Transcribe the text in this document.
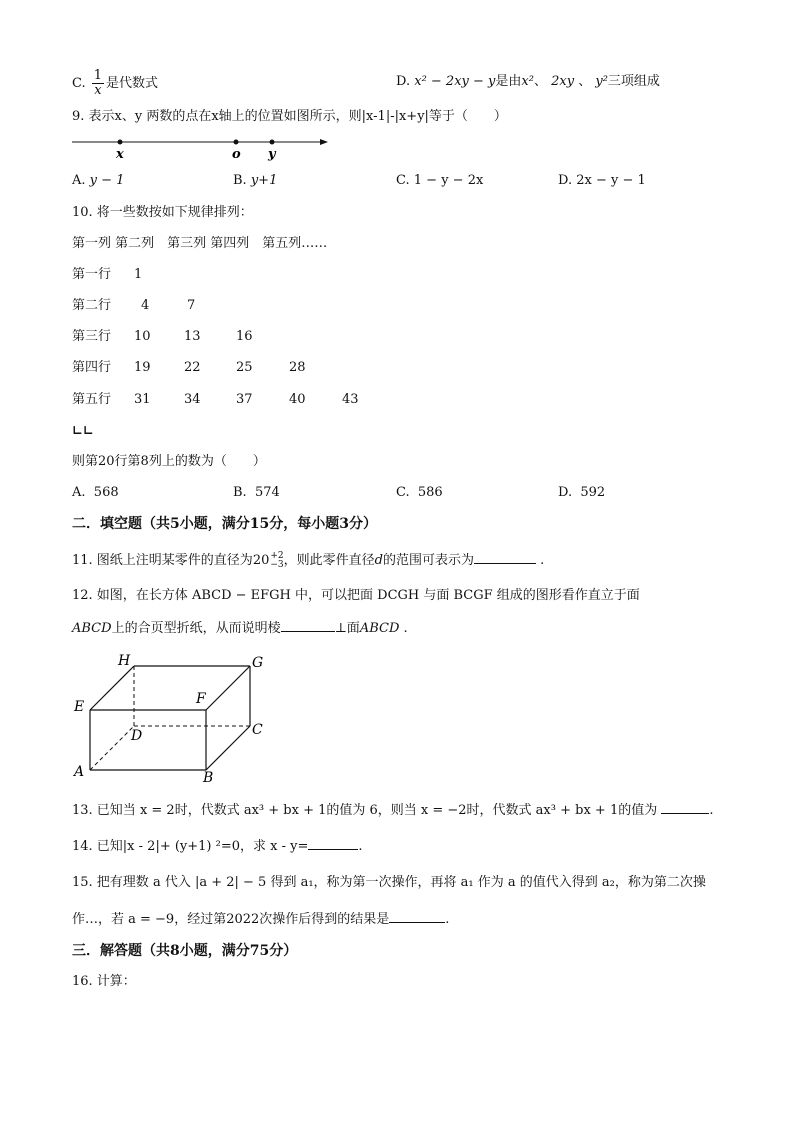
C. $\frac{1}{x}$ 是代数式	D. x² − 2xy − y是由x²、 2xy 、 y²三项组成
9. 表示x、y 两数的点在x轴上的位置如图所示，则|x-1|-|x+y|等于（　　）
x	o y
A. y − 1	B. y+1	C. 1 − y − 2x	D. 2x − y − 1
10. 将一些数按如下规律排列：
第一列 第二列　第三列 第四列　第五列……
第一行 1
第二行 4	7
第三行 10	13	16
第四行 19	22	25	28
第五行 31	34	37	40	43
∟∟
则第20行第8列上的数为（　　）
A. 568	B. 574	C. 586	D. 592
二．填空题（共5小题，满分15分，每小题3分）
11. 图纸上注明某零件的直径为20 +2
−3 ，则此零件直径d的范围可表示为	.
12. 如图，在长方体 ABCD − EFGH 中，可以把面 DCGH 与面 BCGF 组成的图形看作直立于面
ABCD上的合页型折纸，从而说明棱	⊥面ABCD .
H	G
E	F
D	C
A	B
13. 已知当 x = 2时，代数式 ax³ + bx + 1的值为 6，则当 x = −2时，代数式 ax³ + bx + 1的值为	.
14. 已知|x - 2|+ (y+1) ²=0，求 x - y=	.
15. 把有理数 a 代入 |a + 2| − 5 得到 a₁，称为第一次操作，再将 a₁ 作为 a 的值代入得到 a₂，称为第二次操
作…，若 a = −9，经过第2022次操作后得到的结果是	.
三．解答题（共8小题，满分75分）
16. 计算：
